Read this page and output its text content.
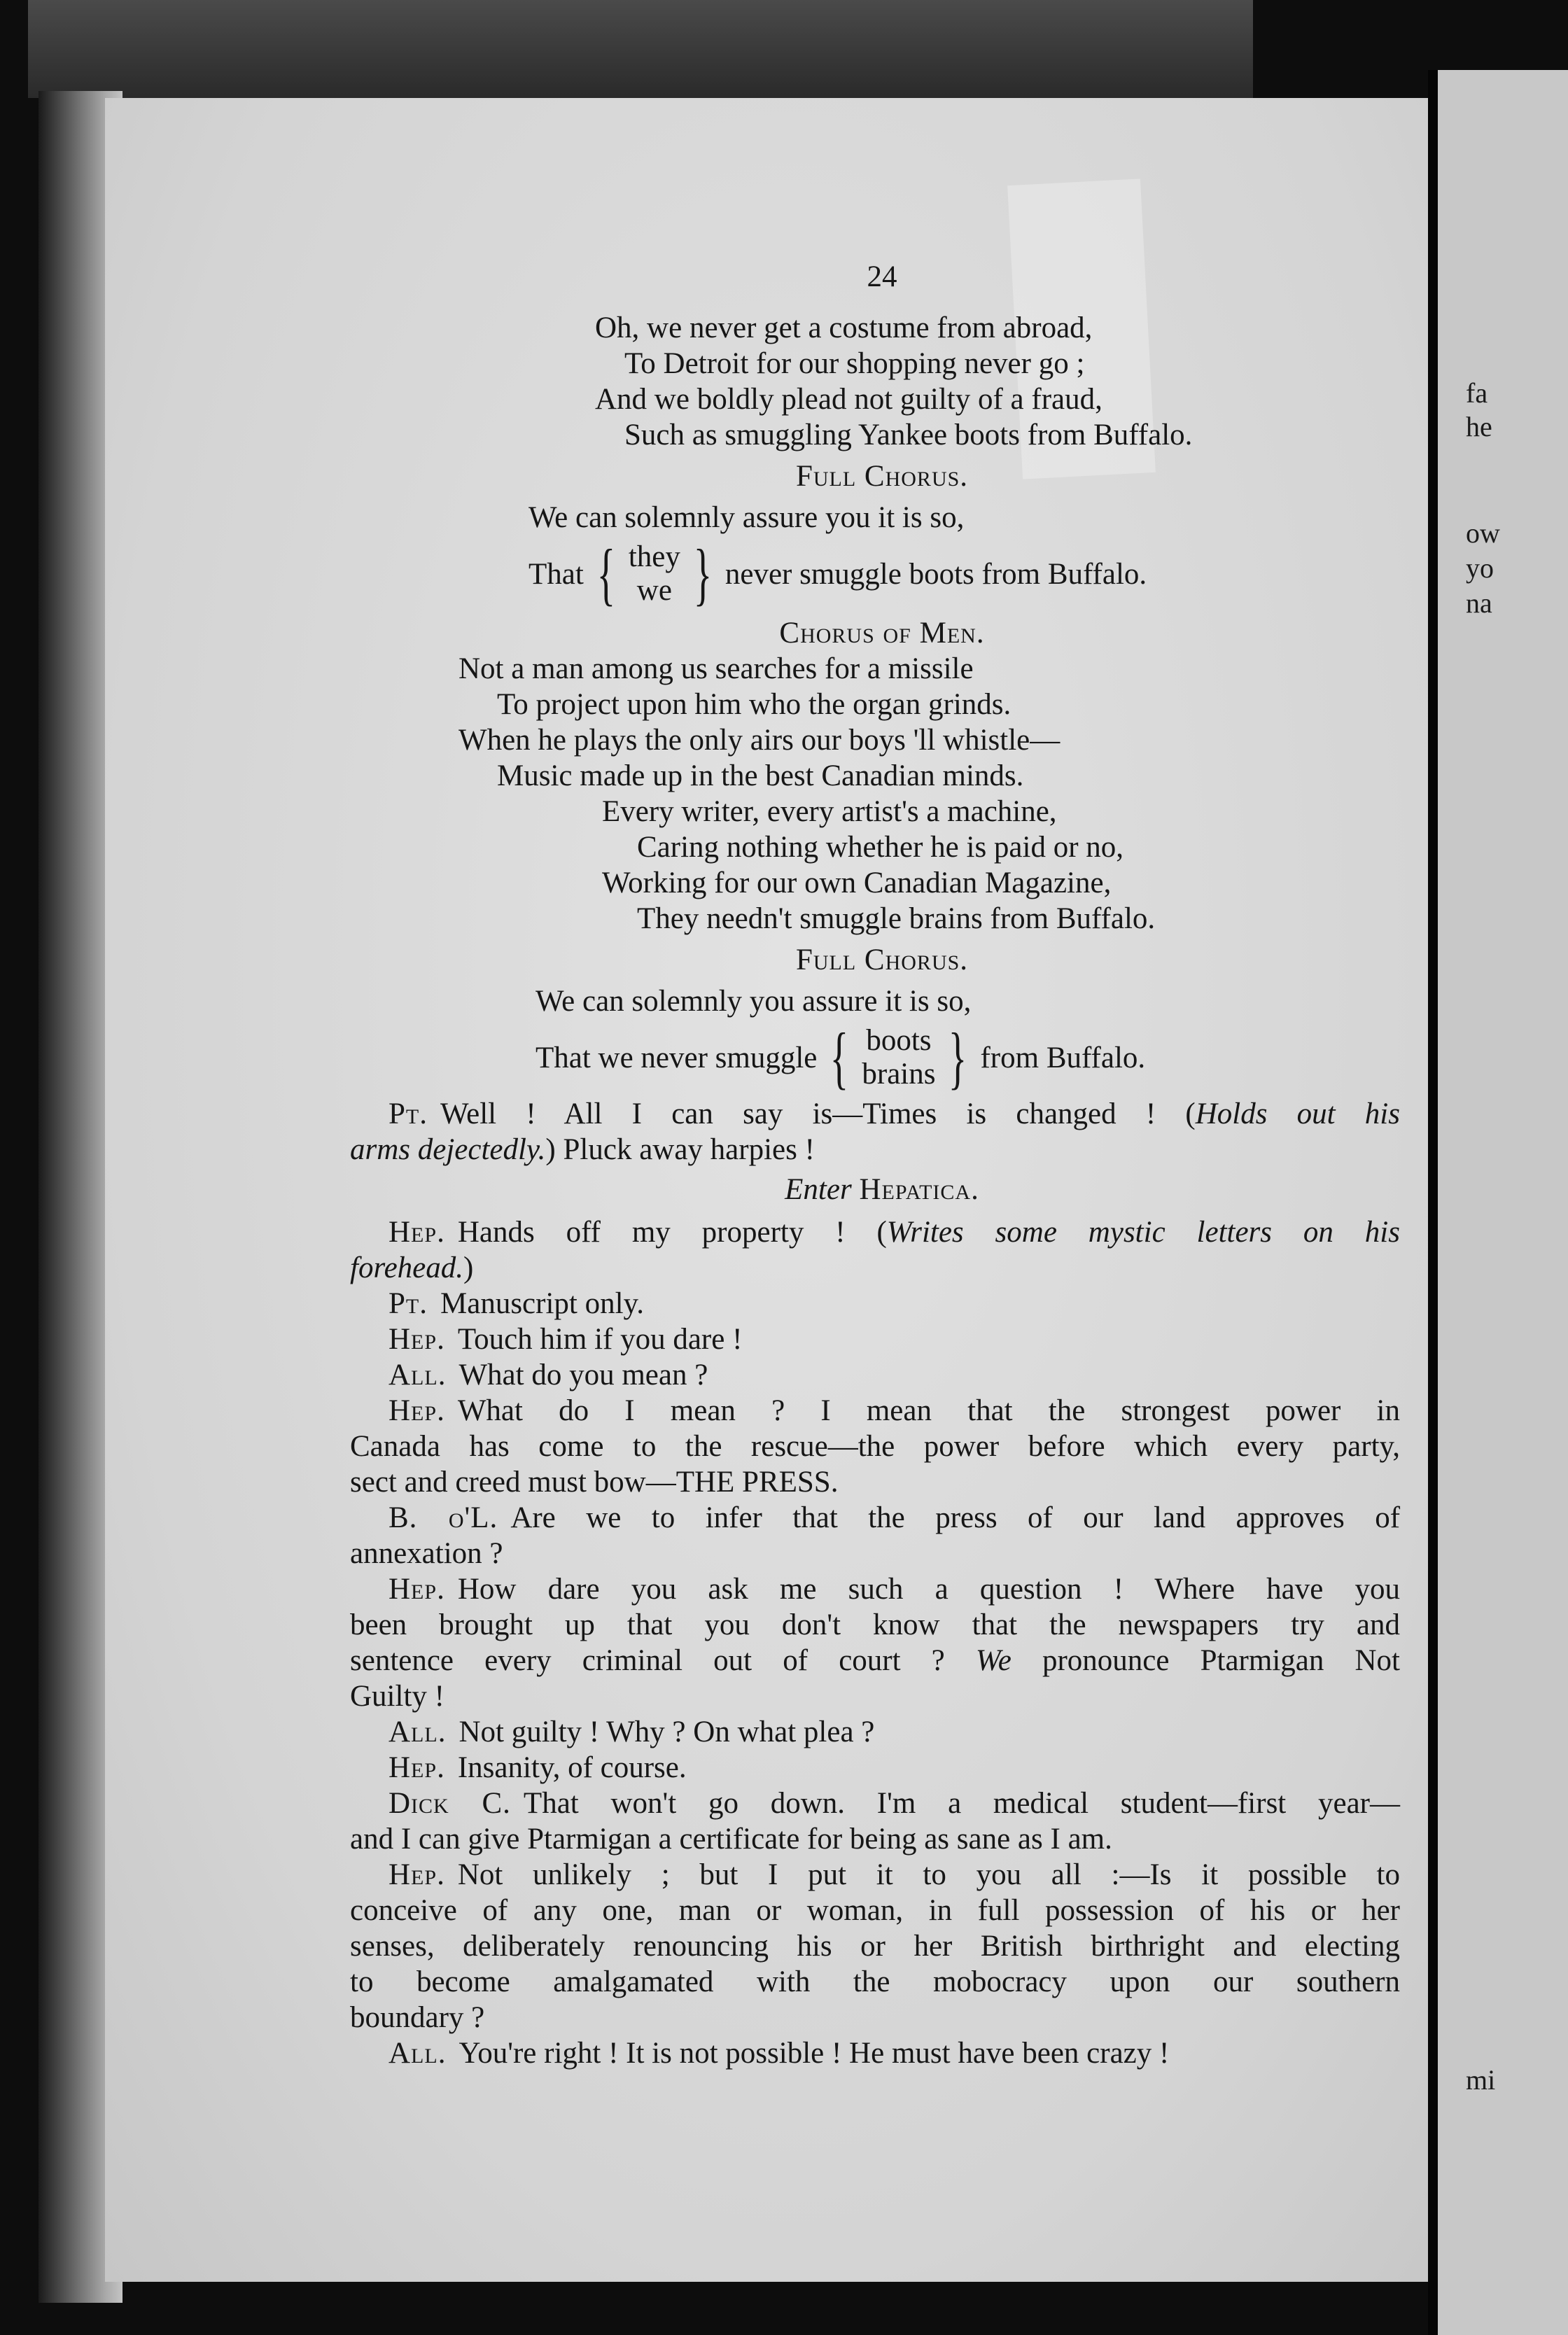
fa
he
ow
yo
na
mi
24
Oh, we never get a costume from abroad,
To Detroit for our shopping never go ;
And we boldly plead not guilty of a fraud,
Such as smuggling Yankee boots from Buffalo.
Full Chorus.
We can solemnly assure you it is so,
That { they
we } never smuggle boots from Buffalo.
Chorus of Men.
Not a man among us searches for a missile
To project upon him who the organ grinds.
When he plays the only airs our boys 'll whistle—
Music made up in the best Canadian minds.
Every writer, every artist's a machine,
Caring nothing whether he is paid or no,
Working for our own Canadian Magazine,
They needn't smuggle brains from Buffalo.
Full Chorus.
We can solemnly you assure it is so,
That we never smuggle { boots
brains } from Buffalo.
Pt. Well ! All I can say is—Times is changed ! (Holds out his
arms dejectedly.) Pluck away harpies !
Enter Hepatica.
Hep. Hands off my property ! (Writes some mystic letters on his
forehead.)
Pt. Manuscript only.
Hep. Touch him if you dare !
All. What do you mean ?
Hep. What do I mean ? I mean that the strongest power in
Canada has come to the rescue—the power before which every party,
sect and creed must bow—THE PRESS.
B. o'L. Are we to infer that the press of our land approves of
annexation ?
Hep. How dare you ask me such a question ! Where have you
been brought up that you don't know that the newspapers try and
sentence every criminal out of court ? We pronounce Ptarmigan Not
Guilty !
All. Not guilty ! Why ? On what plea ?
Hep. Insanity, of course.
Dick C. That won't go down. I'm a medical student—first year—
and I can give Ptarmigan a certificate for being as sane as I am.
Hep. Not unlikely ; but I put it to you all :—Is it possible to
conceive of any one, man or woman, in full possession of his or her
senses, deliberately renouncing his or her British birthright and electing
to become amalgamated with the mobocracy upon our southern
boundary ?
All. You're right ! It is not possible ! He must have been crazy !
